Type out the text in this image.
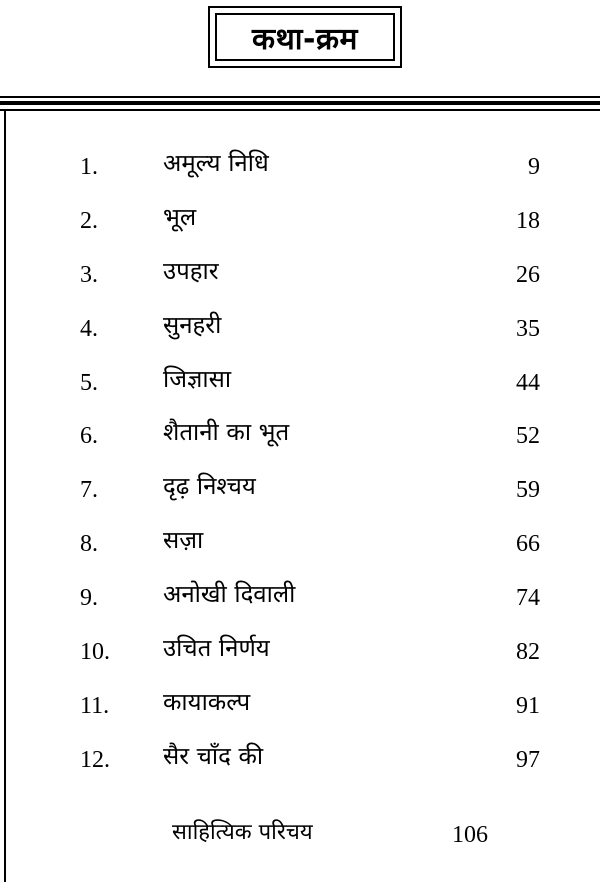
कथा-क्रम
1.	अमूल्य निधि	9
2.	भूल	18
3.	उपहार	26
4.	सुनहरी	35
5.	जिज्ञासा	44
6.	शैतानी का भूत	52
7.	दृढ़ निश्चय	59
8.	सज़ा	66
9.	अनोखी दिवाली	74
10. उचित निर्णय	82
11. कायाकल्प	91
12. सैर चाँद की	97
साहित्यिक परिचय	106
